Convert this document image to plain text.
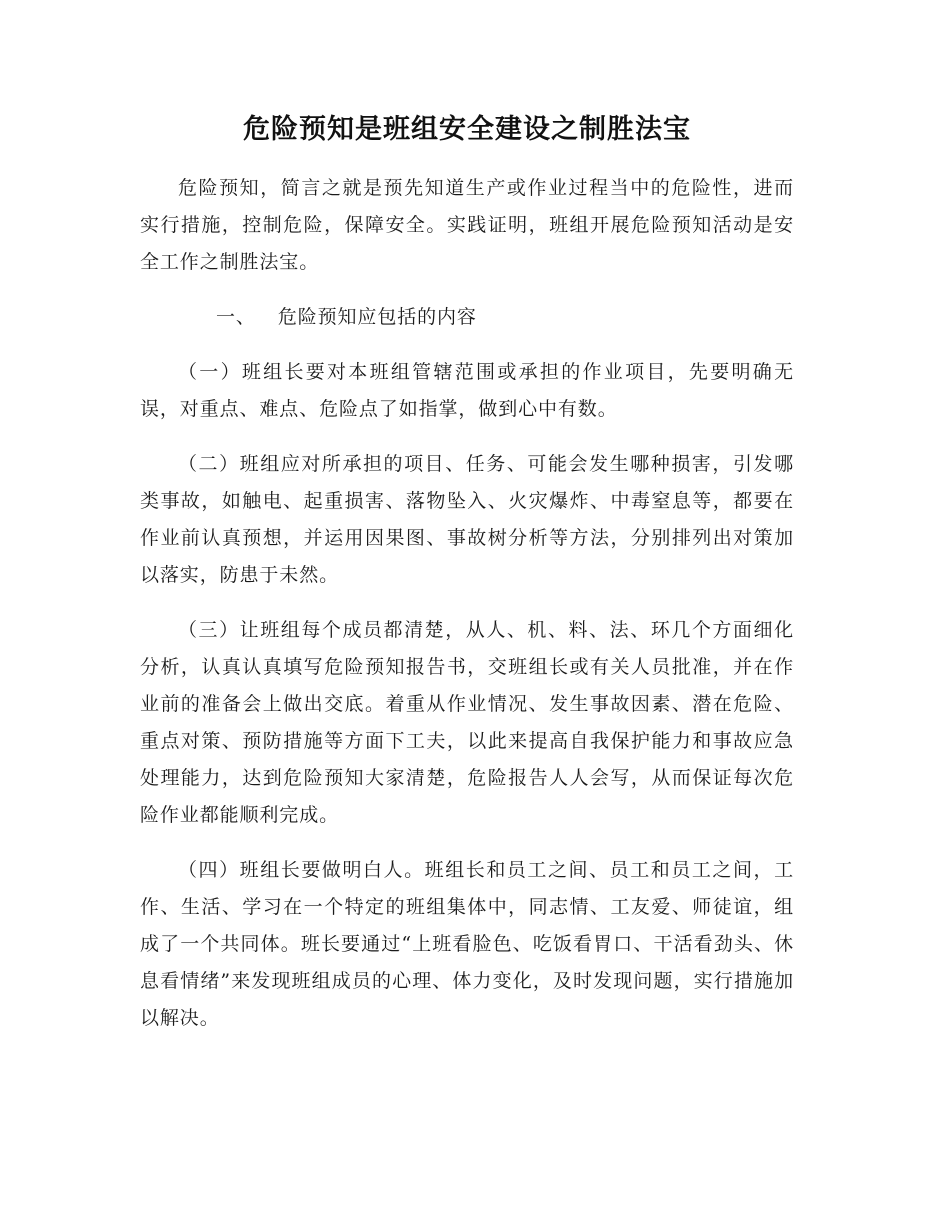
危险预知是班组安全建设之制胜法宝

危险预知，简言之就是预先知道生产或作业过程当中的危险性，进而实行措施，控制危险，保障安全。实践证明，班组开展危险预知活动是安全工作之制胜法宝。

一、 危险预知应包括的内容

（一）班组长要对本班组管辖范围或承担的作业项目，先要明确无误，对重点、难点、危险点了如指掌，做到心中有数。

（二）班组应对所承担的项目、任务、可能会发生哪种损害，引发哪类事故，如触电、起重损害、落物坠入、火灾爆炸、中毒窒息等，都要在作业前认真预想，并运用因果图、事故树分析等方法，分别排列出对策加以落实，防患于未然。

（三）让班组每个成员都清楚，从人、机、料、法、环几个方面细化分析，认真认真填写危险预知报告书，交班组长或有关人员批准，并在作业前的准备会上做出交底。着重从作业情况、发生事故因素、潜在危险、重点对策、预防措施等方面下工夫，以此来提高自我保护能力和事故应急处理能力，达到危险预知大家清楚，危险报告人人会写，从而保证每次危险作业都能顺利完成。

（四）班组长要做明白人。班组长和员工之间、员工和员工之间，工作、生活、学习在一个特定的班组集体中，同志情、工友爱、师徒谊，组成了一个共同体。班长要通过“上班看脸色、吃饭看胃口、干活看劲头、休息看情绪”来发现班组成员的心理、体力变化，及时发现问题，实行措施加以解决。
